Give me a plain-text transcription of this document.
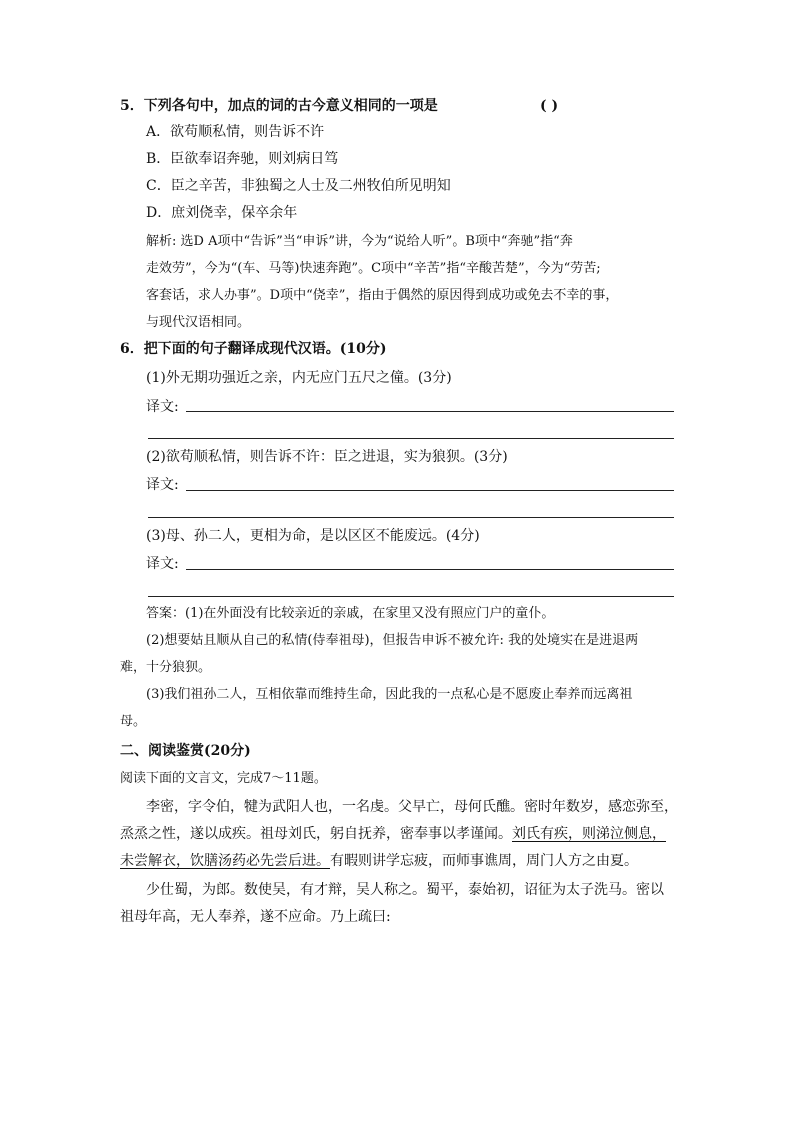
5．下列各句中，加点的词的古今意义相同的一项是	( )
A．欲苟顺私情，则告诉不许
B．臣欲奉诏奔驰，则刘病日笃
C．臣之辛苦，非独蜀之人士及二州牧伯所见明知
D．庶刘侥幸，保卒余年
解析: 选D A项中“告诉”当“申诉”讲，今为“说给人听”。B项中“奔驰”指“奔
走效劳”，今为“(车、马等)快速奔跑”。C项中“辛苦”指“辛酸苦楚”，今为“劳苦;
客套话，求人办事”。D项中“侥幸”，指由于偶然的原因得到成功或免去不幸的事，
与现代汉语相同。
6．把下面的句子翻译成现代汉语。(10分)
(1)外无期功强近之亲，内无应门五尺之僮。(3分)
译文:
(2)欲苟顺私情，则告诉不许：臣之进退，实为狼狈。(3分)
译文:
(3)母、孙二人，更相为命，是以区区不能废远。(4分)
译文:
答案：(1)在外面没有比较亲近的亲戚，在家里又没有照应门户的童仆。
(2)想要姑且顺从自己的私情(侍奉祖母)，但报告申诉不被允许: 我的处境实在是进退两
难，十分狼狈。
(3)我们祖孙二人，互相依靠而维持生命，因此我的一点私心是不愿废止奉养而远离祖
母。
二、阅读鉴赏(20分)
阅读下面的文言文，完成7～11题。
李密，字令伯，犍为武阳人也，一名虔。父早亡，母何氏醮。密时年数岁，感恋弥至，
烝烝之性，遂以成疾。祖母刘氏，躬自抚养，密奉事以孝谨闻。刘氏有疾，则涕泣侧息，
未尝解衣，饮膳汤药必先尝后进。有暇则讲学忘疲，而师事谯周，周门人方之由夏。
少仕蜀，为郎。数使吴，有才辩，吴人称之。蜀平，泰始初，诏征为太子洗马。密以
祖母年高，无人奉养，遂不应命。乃上疏曰:
